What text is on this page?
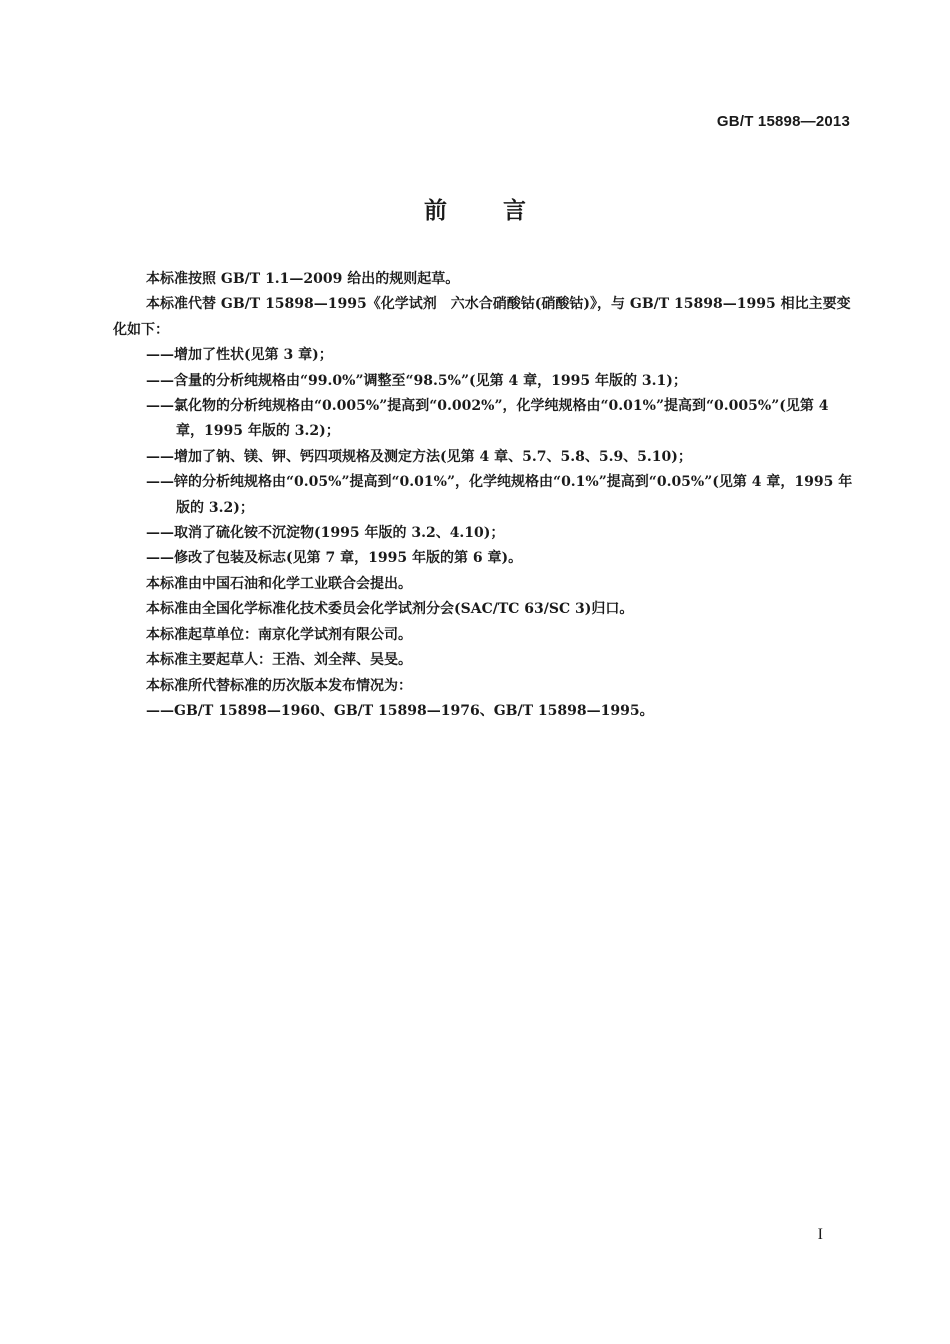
GB/T 15898—2013
前言

本标准按照 GB/T 1.1—2009 给出的规则起草。

本标准代替 GB/T 15898—1995《化学试剂　六水合硝酸钴(硝酸钴)》，与 GB/T 15898—1995 相比主要变化如下：

——增加了性状(见第 3 章)；

——含量的分析纯规格由“99.0%”调整至“98.5%”(见第 4 章，1995 年版的 3.1)；

——氯化物的分析纯规格由“0.005%”提高到“0.002%”，化学纯规格由“0.01%”提高到“0.005%”(见第 4 章，1995 年版的 3.2)；

——增加了钠、镁、钾、钙四项规格及测定方法(见第 4 章、5.7、5.8、5.9、5.10)；

——锌的分析纯规格由“0.05%”提高到“0.01%”，化学纯规格由“0.1%”提高到“0.05%”(见第 4 章，1995 年版的 3.2)；

——取消了硫化铵不沉淀物(1995 年版的 3.2、4.10)；

——修改了包装及标志(见第 7 章，1995 年版的第 6 章)。

本标准由中国石油和化学工业联合会提出。

本标准由全国化学标准化技术委员会化学试剂分会(SAC/TC 63/SC 3)归口。

本标准起草单位：南京化学试剂有限公司。

本标准主要起草人：王浩、刘全萍、吴旻。

本标准所代替标准的历次版本发布情况为：

——GB/T 15898—1960、GB/T 15898—1976、GB/T 15898—1995。

I
